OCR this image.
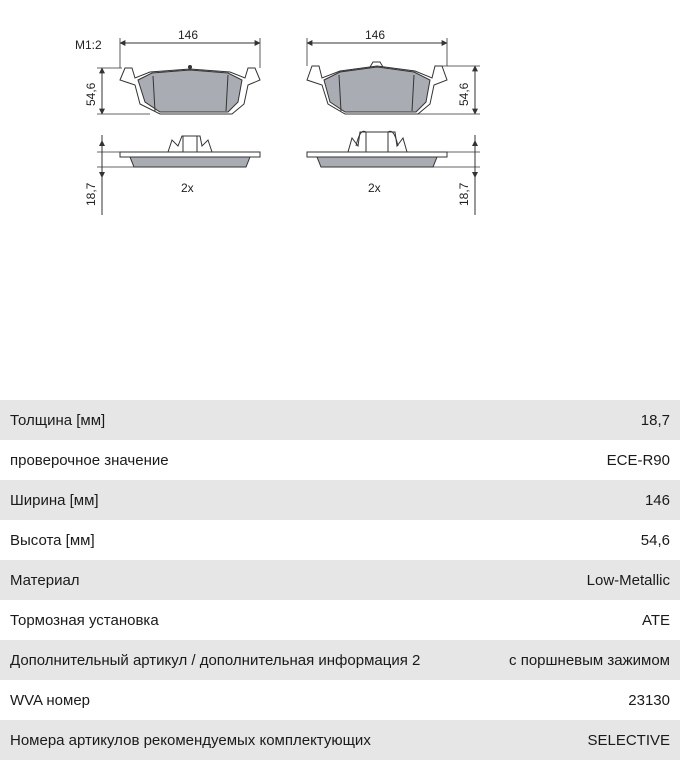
M1:2
146
54,6
18,7	2x
146
54,6
18,7
2x
Толщина [мм]	18,7
проверочное значение	ECE-R90
Ширина [мм]	146
Высота [мм]	54,6
Материал	Low-Metallic
Тормозная установка	ATE
Дополнительный артикул / дополнительная информация 2	с поршневым зажимом
WVA номер	23130
Номера артикулов рекомендуемых комплектующих	SELECTIVE
